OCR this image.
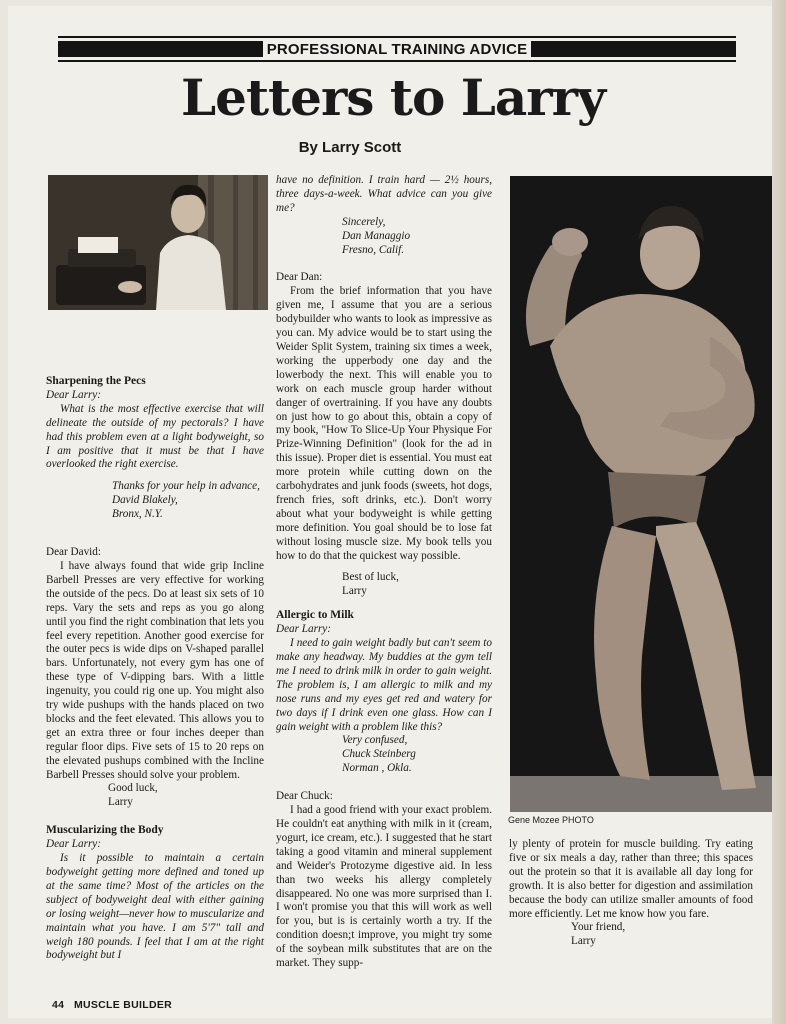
PROFESSIONAL TRAINING ADVICE
Letters to Larry
By Larry Scott
Gene Mozee PHOTO

Sharpening the Pecs

Dear Larry:

What is the most effective exercise that will delineate the outside of my pectorals? I have had this problem even at a light bodyweight, so I am positive that it must be that I have overlooked the right exercise.

Thanks for your help in advance,

David Blakely,

Bronx, N.Y.

Dear David:

I have always found that wide grip Incline Barbell Presses are very effective for working the outside of the pecs. Do at least six sets of 10 reps. Vary the sets and reps as you go along until you find the right combination that lets you feel every repetition. Another good exercise for the outer pecs is wide dips on V-shaped parallel bars. Unfortunately, not every gym has one of these type of V-dipping bars. With a little ingenuity, you could rig one up. You might also try wide pushups with the hands placed on two blocks and the feet elevated. This allows you to get an extra three or four inches deeper than regular floor dips. Five sets of 15 to 20 reps on the elevated pushups combined with the Incline Barbell Presses should solve your problem.

Good luck,

Larry

Muscularizing the Body

Dear Larry:

Is it possible to maintain a certain bodyweight getting more defined and toned up at the same time? Most of the articles on the subject of bodyweight deal with either gaining or losing weight—never how to muscularize and maintain what you have. I am 5'7" tall and weigh 180 pounds. I feel that I am at the right bodyweight but I

have no definition. I train hard — 2½ hours, three days-a-week. What advice can you give me?

Sincerely,

Dan Managgio

Fresno, Calif.

Dear Dan:

From the brief information that you have given me, I assume that you are a serious bodybuilder who wants to look as impressive as you can. My advice would be to start using the Weider Split System, training six times a week, working the upperbody one day and the lowerbody the next. This will enable you to work on each muscle group harder without danger of overtraining. If you have any doubts on just how to go about this, obtain a copy of my book, "How To Slice-Up Your Physique For Prize-Winning Definition" (look for the ad in this issue). Proper diet is essential. You must eat more protein while cutting down on the carbohydrates and junk foods (sweets, hot dogs, french fries, soft drinks, etc.). Don't worry about what your bodyweight is while getting more definition. You goal should be to lose fat without losing muscle size. My book tells you how to do that the quickest way possible.

Best of luck,

Larry

Allergic to Milk

Dear Larry:

I need to gain weight badly but can't seem to make any headway. My buddies at the gym tell me I need to drink milk in order to gain weight. The problem is, I am allergic to milk and my nose runs and my eyes get red and watery for two days if I drink even one glass. How can I gain weight with a problem like this?

Very confused,

Chuck Steinberg

Norman , Okla.

Dear Chuck:

I had a good friend with your exact problem. He couldn't eat anything with milk in it (cream, yogurt, ice cream, etc.). I suggested that he start taking a good vitamin and mineral supplement and Weider's Protozyme digestive aid. In less than two weeks his allergy completely disappeared. No one was more surprised than I. I won't promise you that this will work as well for you, but is is certainly worth a try. If the condition doesn;t improve, you might try some of the soybean milk substitutes that are on the market. They supp-

ly plenty of protein for muscle building. Try eating five or six meals a day, rather than three; this spaces out the protein so that it is available all day long for growth. It is also better for digestion and assimilation because the body can utilize smaller amounts of food more efficiently. Let me know how you fare.

Your friend,

Larry

44 MUSCLE BUILDER
